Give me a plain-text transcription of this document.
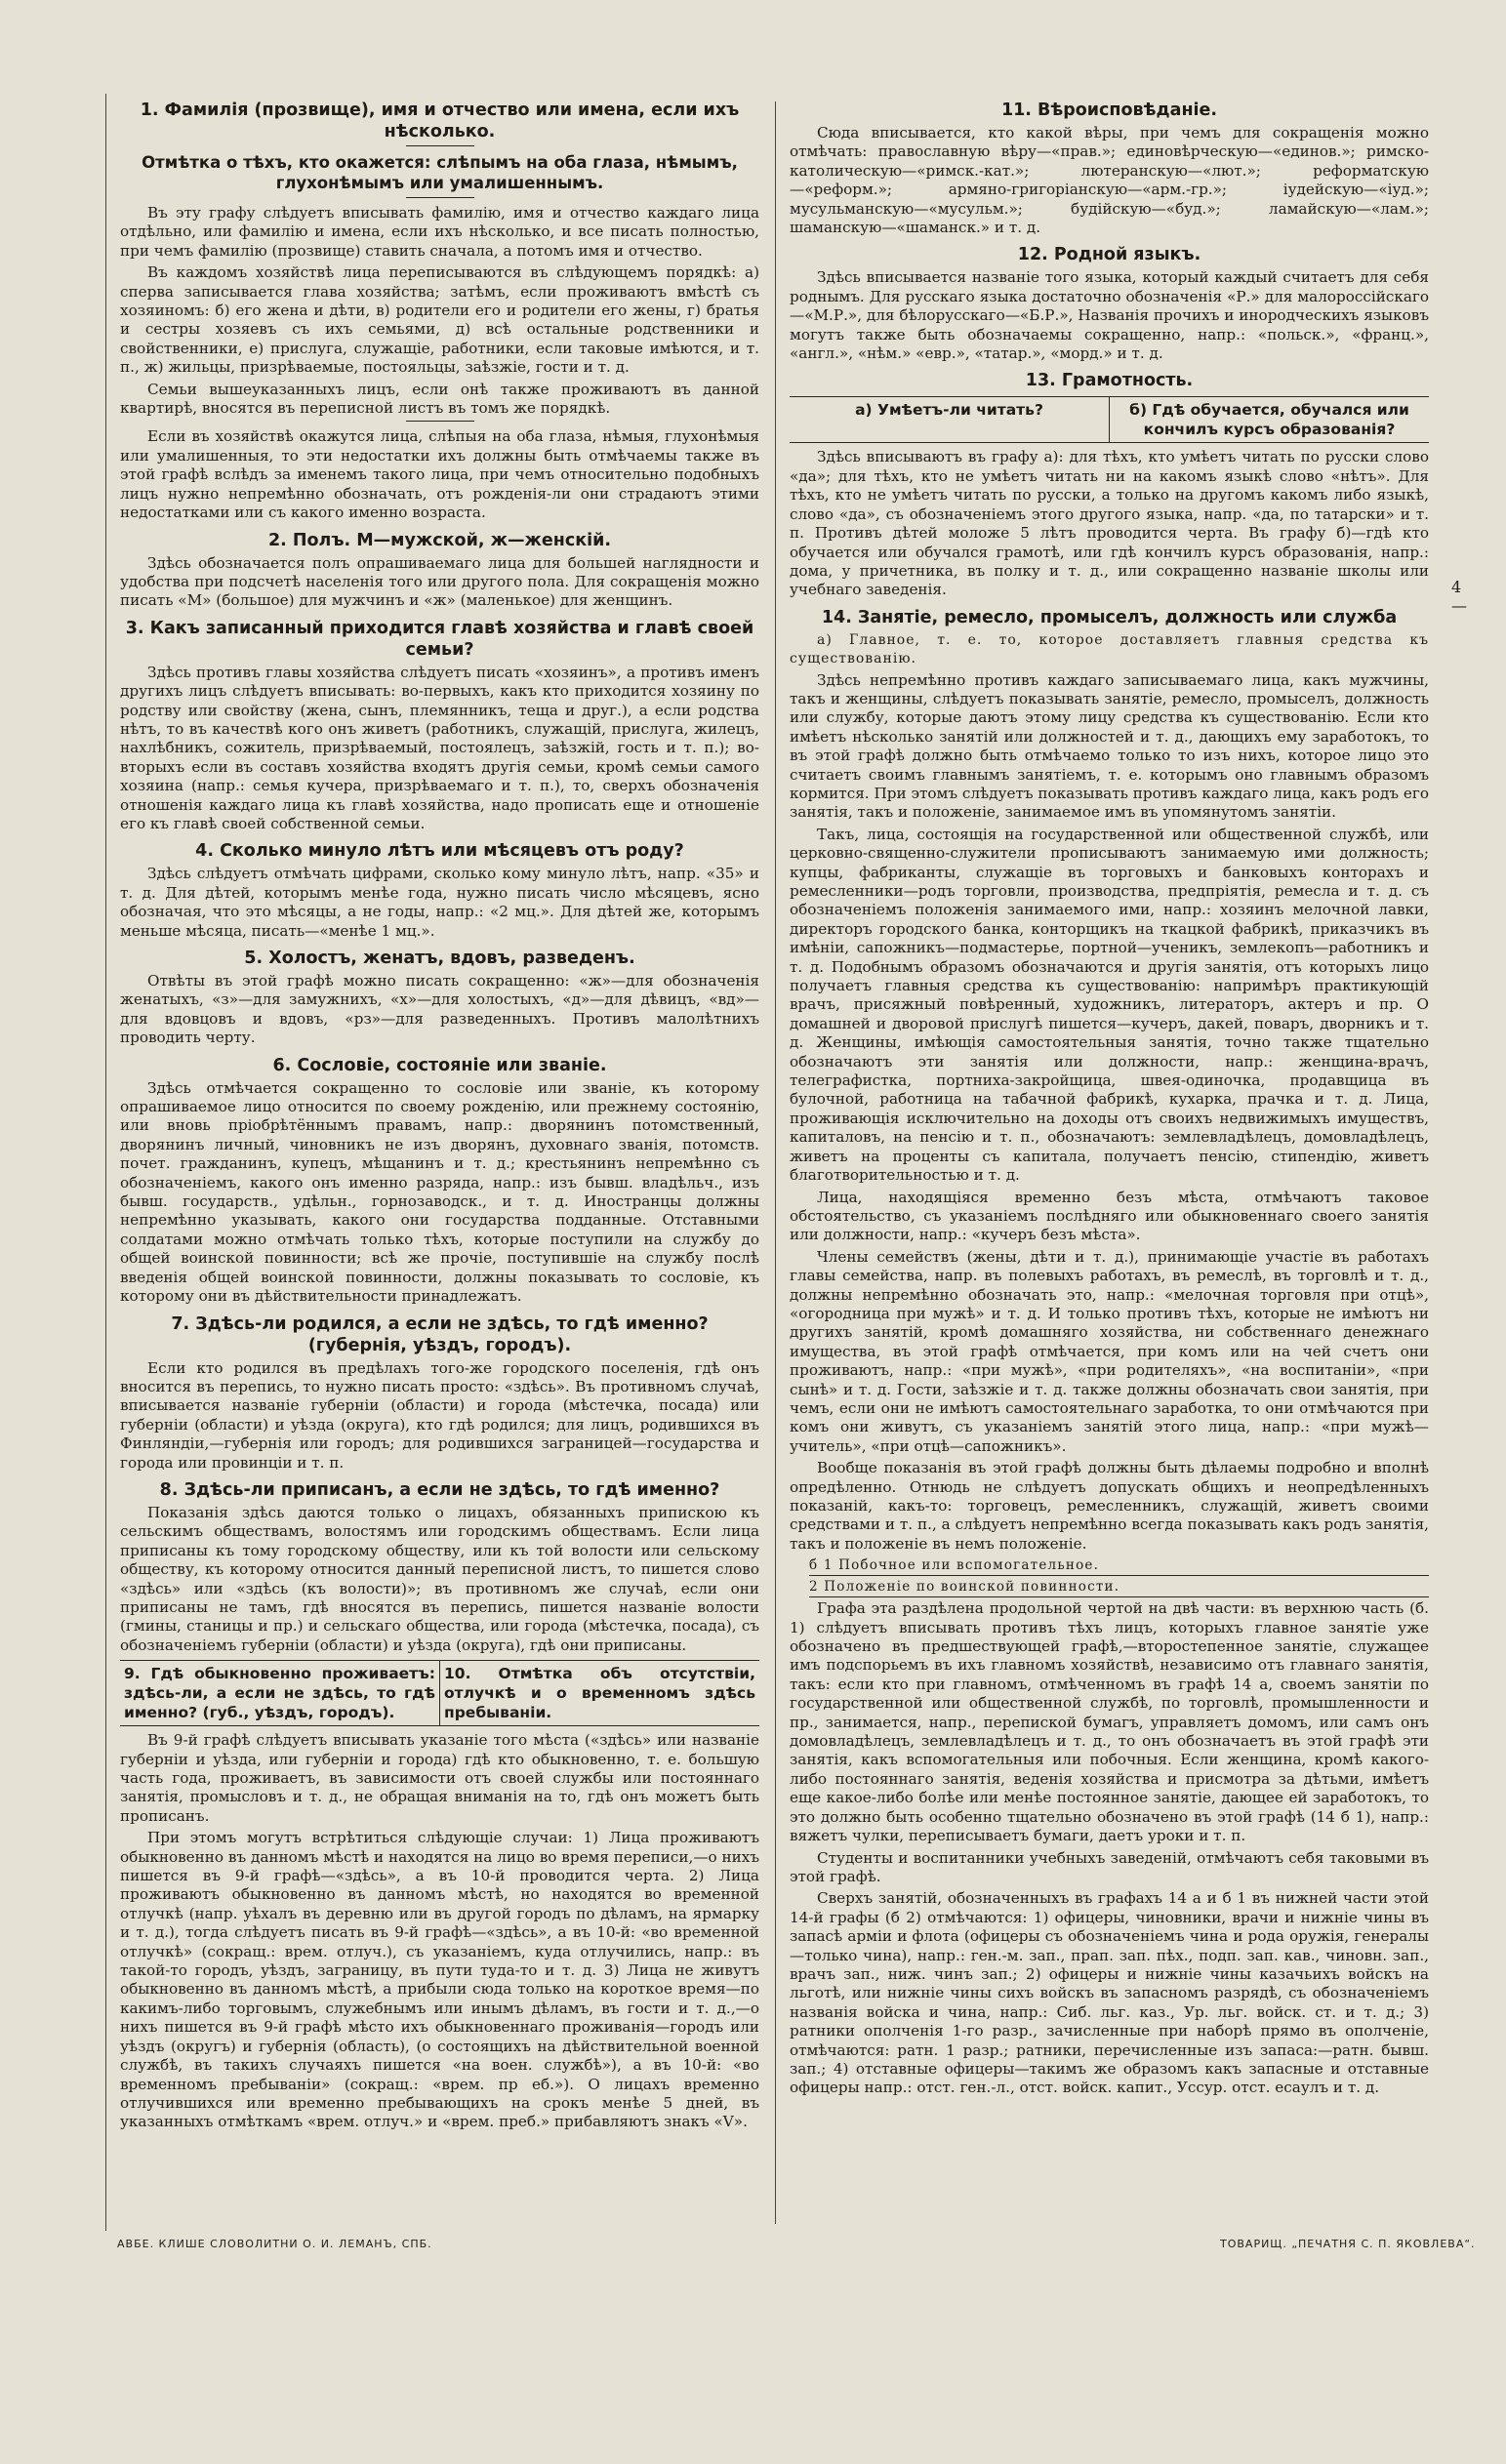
1. Фамилія (прозвище), имя и отчество или имена, если ихъ нѣсколько.
Отмѣтка о тѣхъ, кто окажется: слѣпымъ на оба глаза, нѣмымъ, глухонѣмымъ или умалишеннымъ.

Въ эту графу слѣдуетъ вписывать фамилію, имя и отчество каждаго лица отдѣльно, или фамилію и имена, если ихъ нѣсколько, и все писать полностью, при чемъ фамилію (прозвище) ставить сначала, а потомъ имя и отчество.

Въ каждомъ хозяйствѣ лица переписываются въ слѣдующемъ порядкѣ: а) сперва записывается глава хозяйства; затѣмъ, если проживаютъ вмѣстѣ съ хозяиномъ: б) его жена и дѣти, в) родители его и родители его жены, г) братья и сестры хозяевъ съ ихъ семьями, д) всѣ остальные родственники и свойственники, е) прислуга, служащіе, работники, если таковые имѣются, и т. п., ж) жильцы, призрѣваемые, постояльцы, заѣзжіе, гости и т. д.

Семьи вышеуказанныхъ лицъ, если онѣ также проживаютъ въ данной квартирѣ, вносятся въ переписной листъ въ томъ же порядкѣ.

Если въ хозяйствѣ окажутся лица, слѣпыя на оба глаза, нѣмыя, глухонѣмыя или умалишенныя, то эти недостатки ихъ должны быть отмѣчаемы также въ этой графѣ вслѣдъ за именемъ такого лица, при чемъ относительно подобныхъ лицъ нужно непремѣнно обозначать, отъ рожденія-ли они страдаютъ этими недостатками или съ какого именно возраста.

2. Полъ. М—мужской, ж—женскій.

Здѣсь обозначается полъ опрашиваемаго лица для большей наглядности и удобства при подсчетѣ населенія того или другого пола. Для сокращенія можно писать «М» (большое) для мужчинъ и «ж» (маленькое) для женщинъ.

3. Какъ записанный приходится главѣ хозяйства и главѣ своей семьи?

Здѣсь противъ главы хозяйства слѣдуетъ писать «хозяинъ», а противъ именъ другихъ лицъ слѣдуетъ вписывать: во-первыхъ, какъ кто приходится хозяину по родству или свойству (жена, сынъ, племянникъ, теща и друг.), а если родства нѣтъ, то въ качествѣ кого онъ живетъ (работникъ, служащій, прислуга, жилецъ, нахлѣбникъ, сожитель, призрѣваемый, постоялецъ, заѣзжій, гость и т. п.); во-вторыхъ если въ составъ хозяйства входятъ другія семьи, кромѣ семьи самого хозяина (напр.: семья кучера, призрѣваемаго и т. п.), то, сверхъ обозначенія отношенія каждаго лица къ главѣ хозяйства, надо прописать еще и отношеніе его къ главѣ своей собственной семьи.

4. Сколько минуло лѣтъ или мѣсяцевъ отъ роду?

Здѣсь слѣдуетъ отмѣчать цифрами, сколько кому минуло лѣтъ, напр. «35» и т. д. Для дѣтей, которымъ менѣе года, нужно писать число мѣсяцевъ, ясно обозначая, что это мѣсяцы, а не годы, напр.: «2 мц.». Для дѣтей же, которымъ меньше мѣсяца, писать—«менѣе 1 мц.».

5. Холостъ, женатъ, вдовъ, разведенъ.

Отвѣты въ этой графѣ можно писать сокращенно: «ж»—для обозначенія женатыхъ, «з»—для замужнихъ, «х»—для холостыхъ, «д»—для дѣвицъ, «вд»—для вдовцовъ и вдовъ, «рз»—для разведенныхъ. Противъ малолѣтнихъ проводить черту.

6. Сословіе, состояніе или званіе.

Здѣсь отмѣчается сокращенно то сословіе или званіе, къ которому опрашиваемое лицо относится по своему рожденію, или прежнему состоянію, или вновь пріобрѣтённымъ правамъ, напр.: дворянинъ потомственный, дворянинъ личный, чиновникъ не изъ дворянъ, духовнаго званія, потомств. почет. гражданинъ, купецъ, мѣщанинъ и т. д.; крестьянинъ непремѣнно съ обозначеніемъ, какого онъ именно разряда, напр.: изъ бывш. владѣльч., изъ бывш. государств., удѣльн., горнозаводск., и т. д. Иностранцы должны непремѣнно указывать, какого они государства подданные. Отставными солдатами можно отмѣчать только тѣхъ, которые поступили на службу до общей воинской повинности; всѣ же прочіе, поступившіе на службу послѣ введенія общей воинской повинности, должны показывать то сословіе, къ которому они въ дѣйствительности принадлежатъ.

7. Здѣсь-ли родился, а если не здѣсь, то гдѣ именно? (губернія, уѣздъ, городъ).

Если кто родился въ предѣлахъ того-же городского поселенія, гдѣ онъ вносится въ перепись, то нужно писать просто: «здѣсь». Въ противномъ случаѣ, вписывается названіе губерніи (области) и города (мѣстечка, посада) или губерніи (области) и уѣзда (округа), кто гдѣ родился; для лицъ, родившихся въ Финляндіи,—губернія или городъ; для родившихся заграницей—государства и города или провинціи и т. п.

8. Здѣсь-ли приписанъ, а если не здѣсь, то гдѣ именно?

Показанія здѣсь даются только о лицахъ, обязанныхъ припискою къ сельскимъ обществамъ, волостямъ или городскимъ обществамъ. Если лица приписаны къ тому городскому обществу, или къ той волости или сельскому обществу, къ которому относится данный переписной листъ, то пишется слово «здѣсь» или «здѣсь (къ волости)»; въ противномъ же случаѣ, если они приписаны не тамъ, гдѣ вносятся въ перепись, пишется названіе волости (гмины, станицы и пр.) и сельскаго общества, или города (мѣстечка, посада), съ обозначеніемъ губерніи (области) и уѣзда (округа), гдѣ они приписаны.

9. Гдѣ обыкновенно проживаетъ: здѣсь-ли, а если не здѣсь, то гдѣ именно? (губ., уѣздъ, городъ).
10. Отмѣтка объ отсутствіи, отлучкѣ и о временномъ здѣсь пребываніи.

Въ 9-й графѣ слѣдуетъ вписывать указаніе того мѣста («здѣсь» или названіе губерніи и уѣзда, или губерніи и города) гдѣ кто обыкновенно, т. е. большую часть года, проживаетъ, въ зависимости отъ своей службы или постояннаго занятія, промысловъ и т. д., не обращая вниманія на то, гдѣ онъ можетъ быть прописанъ.

При этомъ могутъ встрѣтиться слѣдующіе случаи: 1) Лица проживаютъ обыкновенно въ данномъ мѣстѣ и находятся на лицо во время переписи,—о нихъ пишется въ 9-й графѣ—«здѣсь», а въ 10-й проводится черта. 2) Лица проживаютъ обыкновенно въ данномъ мѣстѣ, но находятся во временной отлучкѣ (напр. уѣхалъ въ деревню или въ другой городъ по дѣламъ, на ярмарку и т. д.), тогда слѣдуетъ писать въ 9-й графѣ—«здѣсь», а въ 10-й: «во временной отлучкѣ» (сокращ.: врем. отлуч.), съ указаніемъ, куда отлучились, напр.: въ такой-то городъ, уѣздъ, заграницу, въ пути туда-то и т. д. 3) Лица не живутъ обыкновенно въ данномъ мѣстѣ, а прибыли сюда только на короткое время—по какимъ-либо торговымъ, служебнымъ или инымъ дѣламъ, въ гости и т. д.,—о нихъ пишется въ 9-й графѣ мѣсто ихъ обыкновеннаго проживанія—городъ или уѣздъ (округъ) и губернія (область), (о состоящихъ на дѣйствительной военной службѣ, въ такихъ случаяхъ пишется «на воен. службѣ»), а въ 10-й: «во временномъ пребываніи» (сокращ.: «врем. пр еб.»). О лицахъ временно отлучившихся или временно пребывающихъ на срокъ менѣе 5 дней, въ указанныхъ отмѣткамъ «врем. отлуч.» и «врем. преб.» прибавляютъ знакъ «V».

11. Вѣроисповѣданіе.

Сюда вписывается, кто какой вѣры, при чемъ для сокращенія можно отмѣчать: православную вѣру—«прав.»; единовѣрческую—«единов.»; римско-католическую—«римск.-кат.»; лютеранскую—«лют.»; реформатскую—«реформ.»; армяно-григоріанскую—«арм.-гр.»; іудейскую—«іуд.»; мусульманскую—«мусульм.»; будійскую—«буд.»; ламайскую—«лам.»; шаманскую—«шаманск.» и т. д.

12. Родной языкъ.

Здѣсь вписывается названіе того языка, который каждый считаетъ для себя роднымъ. Для русскаго языка достаточно обозначенія «Р.» для малороссійскаго—«М.Р.», для бѣлорусскаго—«Б.Р.», Названія прочихъ и инородческихъ языковъ могутъ также быть обозначаемы сокращенно, напр.: «польск.», «франц.», «англ.», «нѣм.» «евр.», «татар.», «морд.» и т. д.

13. Грамотность.
а) Умѣетъ-ли читать?	б) Гдѣ обучается, обучался или кончилъ курсъ образованія?

Здѣсь вписываютъ въ графу а): для тѣхъ, кто умѣетъ читать по русски слово «да»; для тѣхъ, кто не умѣетъ читать ни на какомъ языкѣ слово «нѣтъ». Для тѣхъ, кто не умѣетъ читать по русски, а только на другомъ какомъ либо языкѣ, слово «да», съ обозначеніемъ этого другого языка, напр. «да, по татарски» и т. п. Противъ дѣтей моложе 5 лѣтъ проводится черта. Въ графу б)—гдѣ кто обучается или обучался грамотѣ, или гдѣ кончилъ курсъ образованія, напр.: дома, у причетника, въ полку и т. д., или сокращенно названіе школы или учебнаго заведенія.

14. Занятіе, ремесло, промыселъ, должность или служба

а) Главное, т. е. то, которое доставляетъ главныя средства къ существованію.

Здѣсь непремѣнно противъ каждаго записываемаго лица, какъ мужчины, такъ и женщины, слѣдуетъ показывать занятіе, ремесло, промыселъ, должность или службу, которые даютъ этому лицу средства къ существованію. Если кто имѣетъ нѣсколько занятій или должностей и т. д., дающихъ ему заработокъ, то въ этой графѣ должно быть отмѣчаемо только то изъ нихъ, которое лицо это считаетъ своимъ главнымъ занятіемъ, т. е. которымъ оно главнымъ образомъ кормится. При этомъ слѣдуетъ показывать противъ каждаго лица, какъ родъ его занятія, такъ и положеніе, занимаемое имъ въ упомянутомъ занятіи.

Такъ, лица, состоящія на государственной или общественной службѣ, или церковно-священно-служители прописываютъ занимаемую ими должность; купцы, фабриканты, служащіе въ торговыхъ и банковыхъ конторахъ и ремесленники—родъ торговли, производства, предпріятія, ремесла и т. д. съ обозначеніемъ положенія занимаемого ими, напр.: хозяинъ мелочной лавки, директоръ городского банка, конторщикъ на ткацкой фабрикѣ, приказчикъ въ имѣніи, сапожникъ—подмастерье, портной—ученикъ, землекопъ—работникъ и т. д. Подобнымъ образомъ обозначаются и другія занятія, отъ которыхъ лицо получаетъ главныя средства къ существованію: напримѣръ практикующій врачъ, присяжный повѣренный, художникъ, литераторъ, актеръ и пр. О домашней и дворовой прислугѣ пишется—кучеръ, дакей, поваръ, дворникъ и т. д. Женщины, имѣющія самостоятельныя занятія, точно также тщательно обозначаютъ эти занятія или должности, напр.: женщина-врачъ, телеграфистка, портниха-закройщица, швея-одиночка, продавщица въ булочной, работница на табачной фабрикѣ, кухарка, прачка и т. д. Лица, проживающія исключительно на доходы отъ своихъ недвижимыхъ имуществъ, капиталовъ, на пенсію и т. п., обозначаютъ: землевладѣлецъ, домовладѣлецъ, живетъ на проценты съ капитала, получаетъ пенсію, стипендію, живетъ благотворительностью и т. д.

Лица, находящіяся временно безъ мѣста, отмѣчаютъ таковое обстоятельство, съ указаніемъ послѣдняго или обыкновеннаго своего занятія или должности, напр.: «кучеръ безъ мѣста».

Члены семействъ (жены, дѣти и т. д.), принимающіе участіе въ работахъ главы семейства, напр. въ полевыхъ работахъ, въ ремеслѣ, въ торговлѣ и т. д., должны непремѣнно обозначать это, напр.: «мелочная торговля при отцѣ», «огородница при мужѣ» и т. д. И только противъ тѣхъ, которые не имѣютъ ни другихъ занятій, кромѣ домашняго хозяйства, ни собственнаго денежнаго имущества, въ этой графѣ отмѣчается, при комъ или на чей счетъ они проживаютъ, напр.: «при мужѣ», «при родителяхъ», «на воспитаніи», «при сынѣ» и т. д. Гости, заѣзжіе и т. д. также должны обозначать свои занятія, при чемъ, если они не имѣютъ самостоятельнаго заработка, то они отмѣчаются при комъ они живутъ, съ указаніемъ занятій этого лица, напр.: «при мужѣ—учитель», «при отцѣ—сапожникъ».

Вообще показанія въ этой графѣ должны быть дѣлаемы подробно и вполнѣ опредѣленно. Отнюдь не слѣдуетъ допускать общихъ и неопредѣленныхъ показаній, какъ-то: торговецъ, ремесленникъ, служащій, живетъ своими средствами и т. п., а слѣдуетъ непремѣнно всегда показывать какъ родъ занятія, такъ и положеніе въ немъ положеніе.

б 1 Побочное или вспомогательное.
2 Положеніе по воинской повинности.

Графа эта раздѣлена продольной чертой на двѣ части: въ верхнюю часть (б. 1) слѣдуетъ вписывать противъ тѣхъ лицъ, которыхъ главное занятіе уже обозначено въ предшествующей графѣ,—второстепенное занятіе, служащее имъ подспорьемъ въ ихъ главномъ хозяйствѣ, независимо отъ главнаго занятія, такъ: если кто при главномъ, отмѣченномъ въ графѣ 14 а, своемъ занятіи по государственной или общественной службѣ, по торговлѣ, промышленности и пр., занимается, напр., перепиской бумагъ, управляетъ домомъ, или самъ онъ домовладѣлецъ, землевладѣлецъ и т. д., то онъ обозначаетъ въ этой графѣ эти занятія, какъ вспомогательныя или побочныя. Если женщина, кромѣ какого-либо постояннаго занятія, веденія хозяйства и присмотра за дѣтьми, имѣетъ еще какое-либо болѣе или менѣе постоянное занятіе, дающее ей заработокъ, то это должно быть особенно тщательно обозначено въ этой графѣ (14 б 1), напр.: вяжетъ чулки, переписываетъ бумаги, даетъ уроки и т. п.

Студенты и воспитанники учебныхъ заведеній, отмѣчаютъ себя таковыми въ этой графѣ.

Сверхъ занятій, обозначенныхъ въ графахъ 14 а и б 1 въ нижней части этой 14-й графы (б 2) отмѣчаются: 1) офицеры, чиновники, врачи и нижніе чины въ запасѣ арміи и флота (офицеры съ обозначеніемъ чина и рода оружія, генералы—только чина), напр.: ген.-м. зап., прап. зап. пѣх., подп. зап. кав., чиновн. зап., врачъ зап., ниж. чинъ зап.; 2) офицеры и нижніе чины казачьихъ войскъ на льготѣ, или нижніе чины сихъ войскъ въ запасномъ разрядѣ, съ обозначеніемъ названія войска и чина, напр.: Сиб. льг. каз., Ур. льг. войск. ст. и т. д.; 3) ратники ополченія 1-го разр., зачисленные при наборѣ прямо въ ополченіе, отмѣчаются: ратн. 1 разр.; ратники, перечисленные изъ запаса:—ратн. бывш. зап.; 4) отставные офицеры—такимъ же образомъ какъ запасные и отставные офицеры напр.: отст. ген.-л., отст. войск. капит., Уссур. отст. есаулъ и т. д.

4—
АВБЕ. КЛИШЕ СЛОВОЛИТНИ О. И. ЛЕМАНЪ, СПБ.	ТОВАРИЩ. „ПЕЧАТНЯ С. П. ЯКОВЛЕВА“.
